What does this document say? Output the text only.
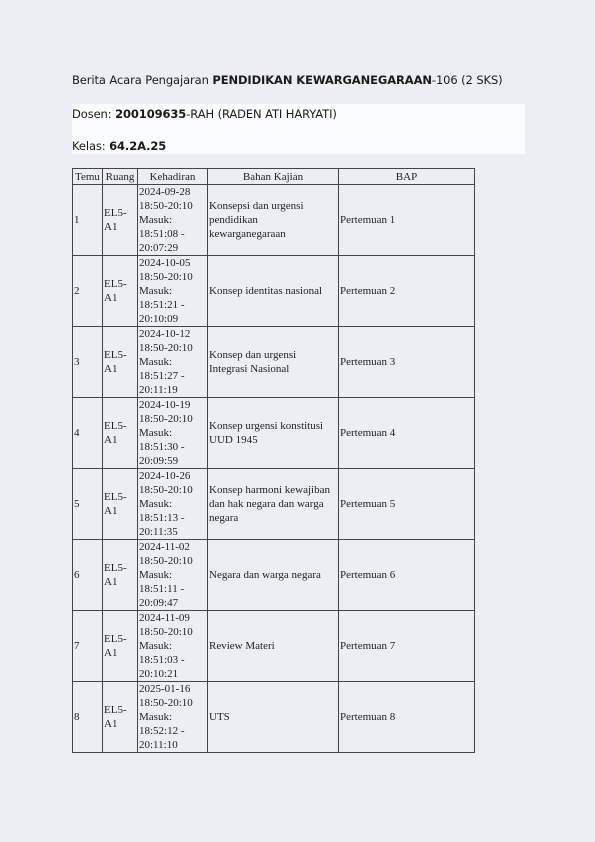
Berita Acara Pengajaran PENDIDIKAN KEWARGANEGARAAN-106 (2 SKS)
Dosen: 200109635-RAH (RADEN ATI HARYATI)
Kelas: 64.2A.25
Temu	Ruang	Kehadiran	Bahan Kajian	BAP
1	EL5-A1	2024-09-28
18:50-20:10
Masuk:
18:51:08 -
20:07:29	Konsepsi dan urgensi pendidikan kewarganegaraan	Pertemuan 1
2	EL5-A1	2024-10-05
18:50-20:10
Masuk:
18:51:21 -
20:10:09	Konsep identitas nasional	Pertemuan 2
3	EL5-A1	2024-10-12
18:50-20:10
Masuk:
18:51:27 -
20:11:19	Konsep dan urgensi Integrasi Nasional	Pertemuan 3
4	EL5-A1	2024-10-19
18:50-20:10
Masuk:
18:51:30 -
20:09:59	Konsep urgensi konstitusi UUD 1945	Pertemuan 4
5	EL5-A1	2024-10-26
18:50-20:10
Masuk:
18:51:13 -
20:11:35	Konsep harmoni kewajiban dan hak negara dan warga negara	Pertemuan 5
6	EL5-A1	2024-11-02
18:50-20:10
Masuk:
18:51:11 -
20:09:47	Negara dan warga negara	Pertemuan 6
7	EL5-A1	2024-11-09
18:50-20:10
Masuk:
18:51:03 -
20:10:21	Review Materi	Pertemuan 7
8	EL5-A1	2025-01-16
18:50-20:10
Masuk:
18:52:12 -
20:11:10	UTS	Pertemuan 8
